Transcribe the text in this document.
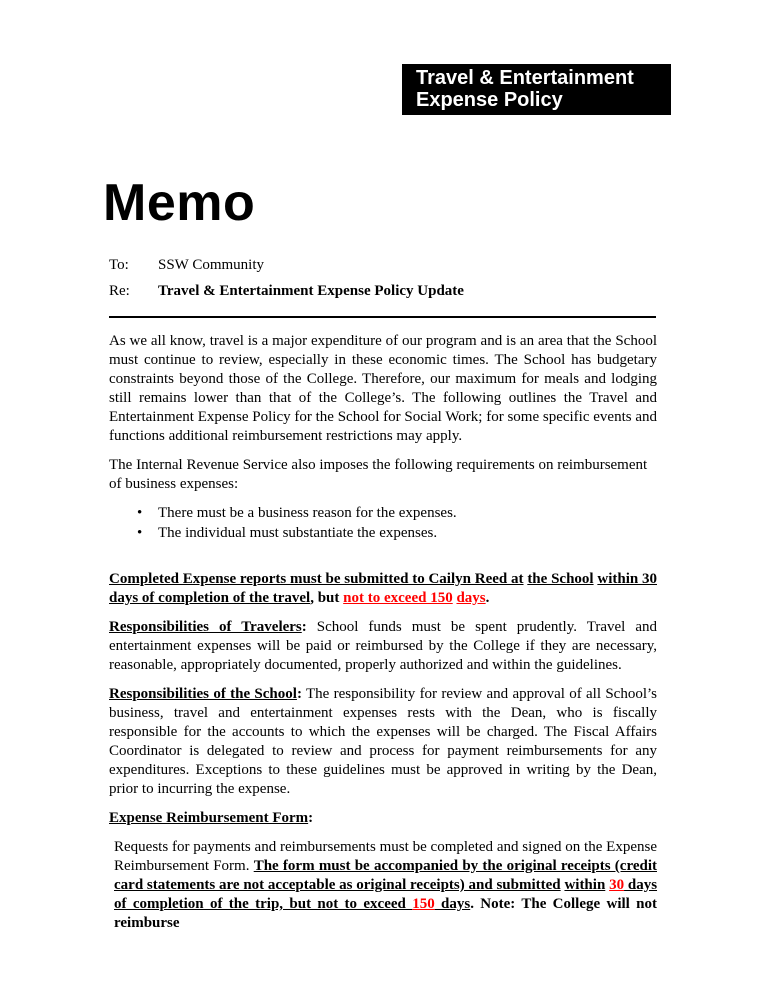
Travel & Entertainment
Expense Policy
Memo
To: SSW Community
Re: Travel & Entertainment Expense Policy Update

As we all know, travel is a major expenditure of our program and is an area that the School must continue to review, especially in these economic times. The School has budgetary constraints beyond those of the College. Therefore, our maximum for meals and lodging still remains lower than that of the College’s. The following outlines the Travel and Entertainment Expense Policy for the School for Social Work; for some specific events and functions additional reimbursement restrictions may apply.

The Internal Revenue Service also imposes the following requirements on reimbursement of business expenses:

• There must be a business reason for the expenses.
• The individual must substantiate the expenses.

Completed Expense reports must be submitted to Cailyn Reed at the School within 30 days of completion of the travel, but not to exceed 150 days.

Responsibilities of Travelers: School funds must be spent prudently. Travel and entertainment expenses will be paid or reimbursed by the College if they are necessary, reasonable, appropriately documented, properly authorized and within the guidelines.

Responsibilities of the School: The responsibility for review and approval of all School’s business, travel and entertainment expenses rests with the Dean, who is fiscally responsible for the accounts to which the expenses will be charged. The Fiscal Affairs Coordinator is delegated to review and process for payment reimbursements for any expenditures. Exceptions to these guidelines must be approved in writing by the Dean, prior to incurring the expense.

Expense Reimbursement Form:

Requests for payments and reimbursements must be completed and signed on the Expense Reimbursement Form. The form must be accompanied by the original receipts (credit card statements are not acceptable as original receipts) and submitted within 30 days of completion of the trip, but not to exceed 150 days. Note: The College will not reimburse
